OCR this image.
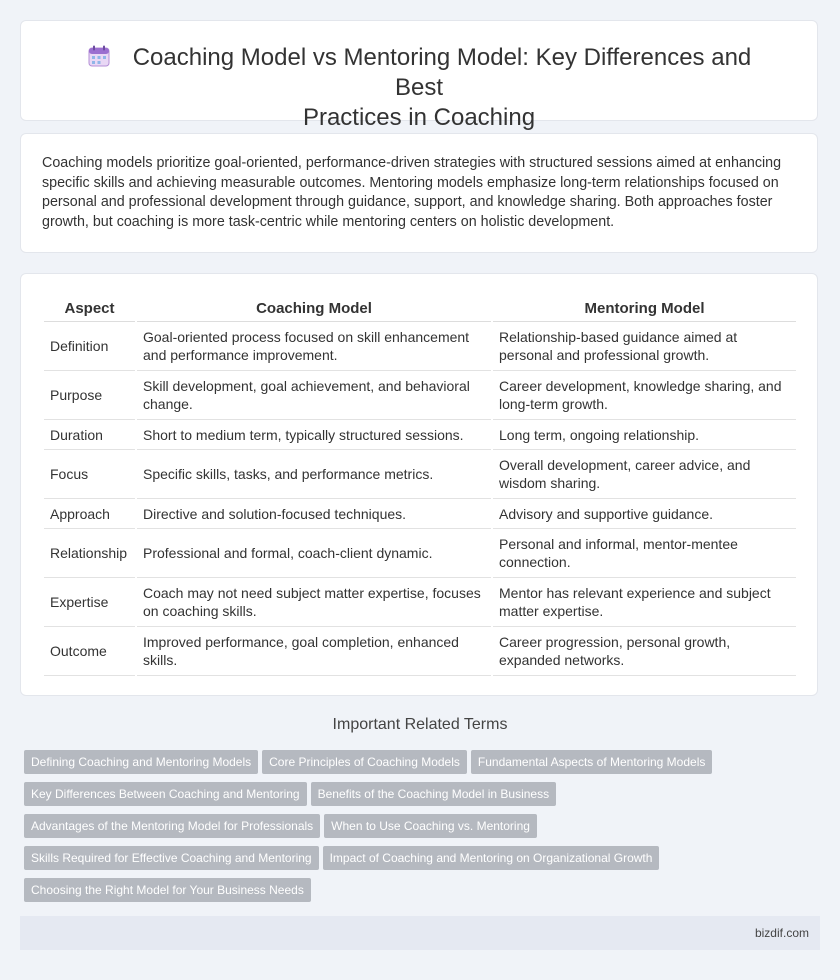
Coaching Model vs Mentoring Model: Key Differences and Best
Practices in Coaching

Coaching models prioritize goal-oriented, performance-driven strategies with structured sessions aimed at enhancing specific skills and achieving measurable outcomes. Mentoring models emphasize long-term relationships focused on personal and professional development through guidance, support, and knowledge sharing. Both approaches foster growth, but coaching is more task-centric while mentoring centers on holistic development.

Aspect	Coaching Model	Mentoring Model
Definition	Goal-oriented process focused on skill enhancement and performance improvement.	Relationship-based guidance aimed at personal and professional growth.
Purpose	Skill development, goal achievement, and behavioral change.	Career development, knowledge sharing, and long-term growth.
Duration	Short to medium term, typically structured sessions.	Long term, ongoing relationship.
Focus	Specific skills, tasks, and performance metrics.	Overall development, career advice, and wisdom sharing.
Approach	Directive and solution-focused techniques.	Advisory and supportive guidance.
Relationship	Professional and formal, coach-client dynamic.	Personal and informal, mentor-mentee connection.
Expertise	Coach may not need subject matter expertise, focuses on coaching skills.	Mentor has relevant experience and subject matter expertise.
Outcome	Improved performance, goal completion, enhanced skills.	Career progression, personal growth, expanded networks.
Important Related Terms
Defining Coaching and Mentoring Models Core Principles of Coaching Models Fundamental Aspects of Mentoring Models
Key Differences Between Coaching and Mentoring Benefits of the Coaching Model in Business
Advantages of the Mentoring Model for Professionals When to Use Coaching vs. Mentoring
Skills Required for Effective Coaching and Mentoring Impact of Coaching and Mentoring on Organizational Growth
Choosing the Right Model for Your Business Needs
bizdif.com
